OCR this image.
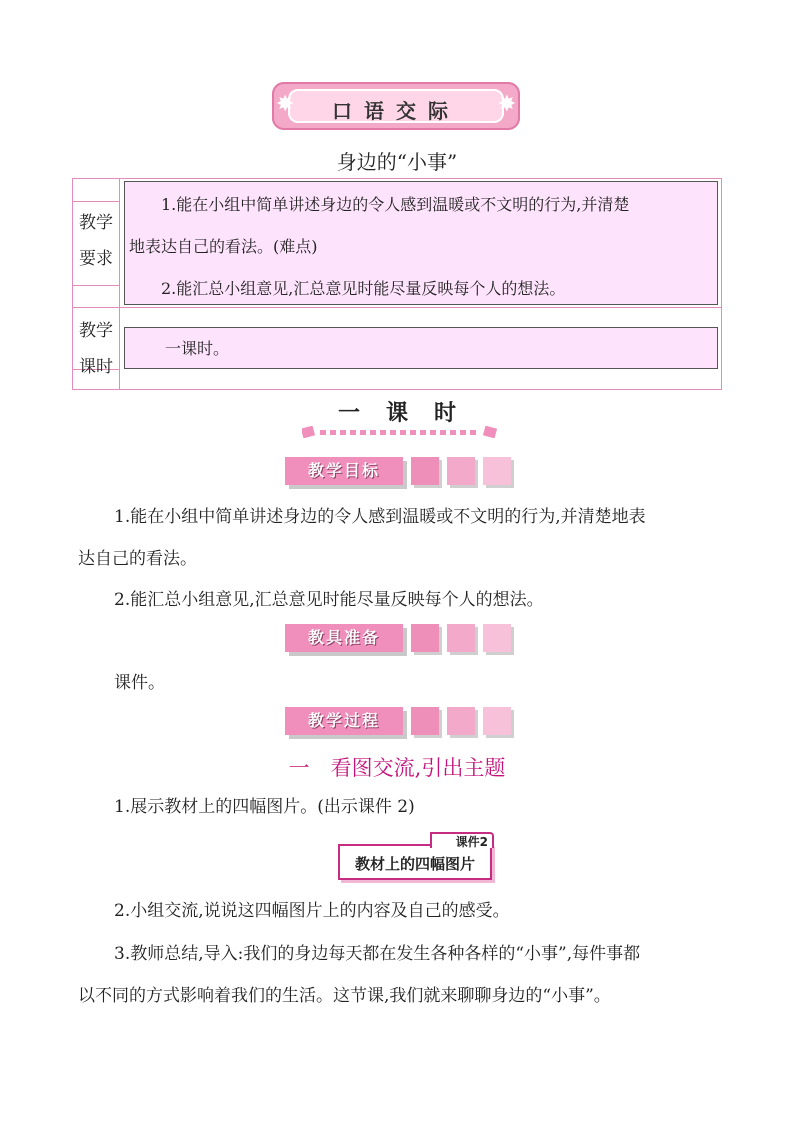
口语交际
✸	✸
身边的“小事”
教学
要求
1.能在小组中简单讲述身边的令人感到温暖或不文明的行为,并清楚
地表达自己的看法。(难点)
2.能汇总小组意见,汇总意见时能尽量反映每个人的想法。
教学
课时
一课时。
一课时
教学目标
1.能在小组中简单讲述身边的令人感到温暖或不文明的行为,并清楚地表
达自己的看法。
2.能汇总小组意见,汇总意见时能尽量反映每个人的想法。
教具准备
课件。
教学过程
一　看图交流,引出主题
1.展示教材上的四幅图片。(出示课件 2)
教材上的四幅图片
课件2
2.小组交流,说说这四幅图片上的内容及自己的感受。
3.教师总结,导入:我们的身边每天都在发生各种各样的“小事”,每件事都
以不同的方式影响着我们的生活。这节课,我们就来聊聊身边的“小事”。
